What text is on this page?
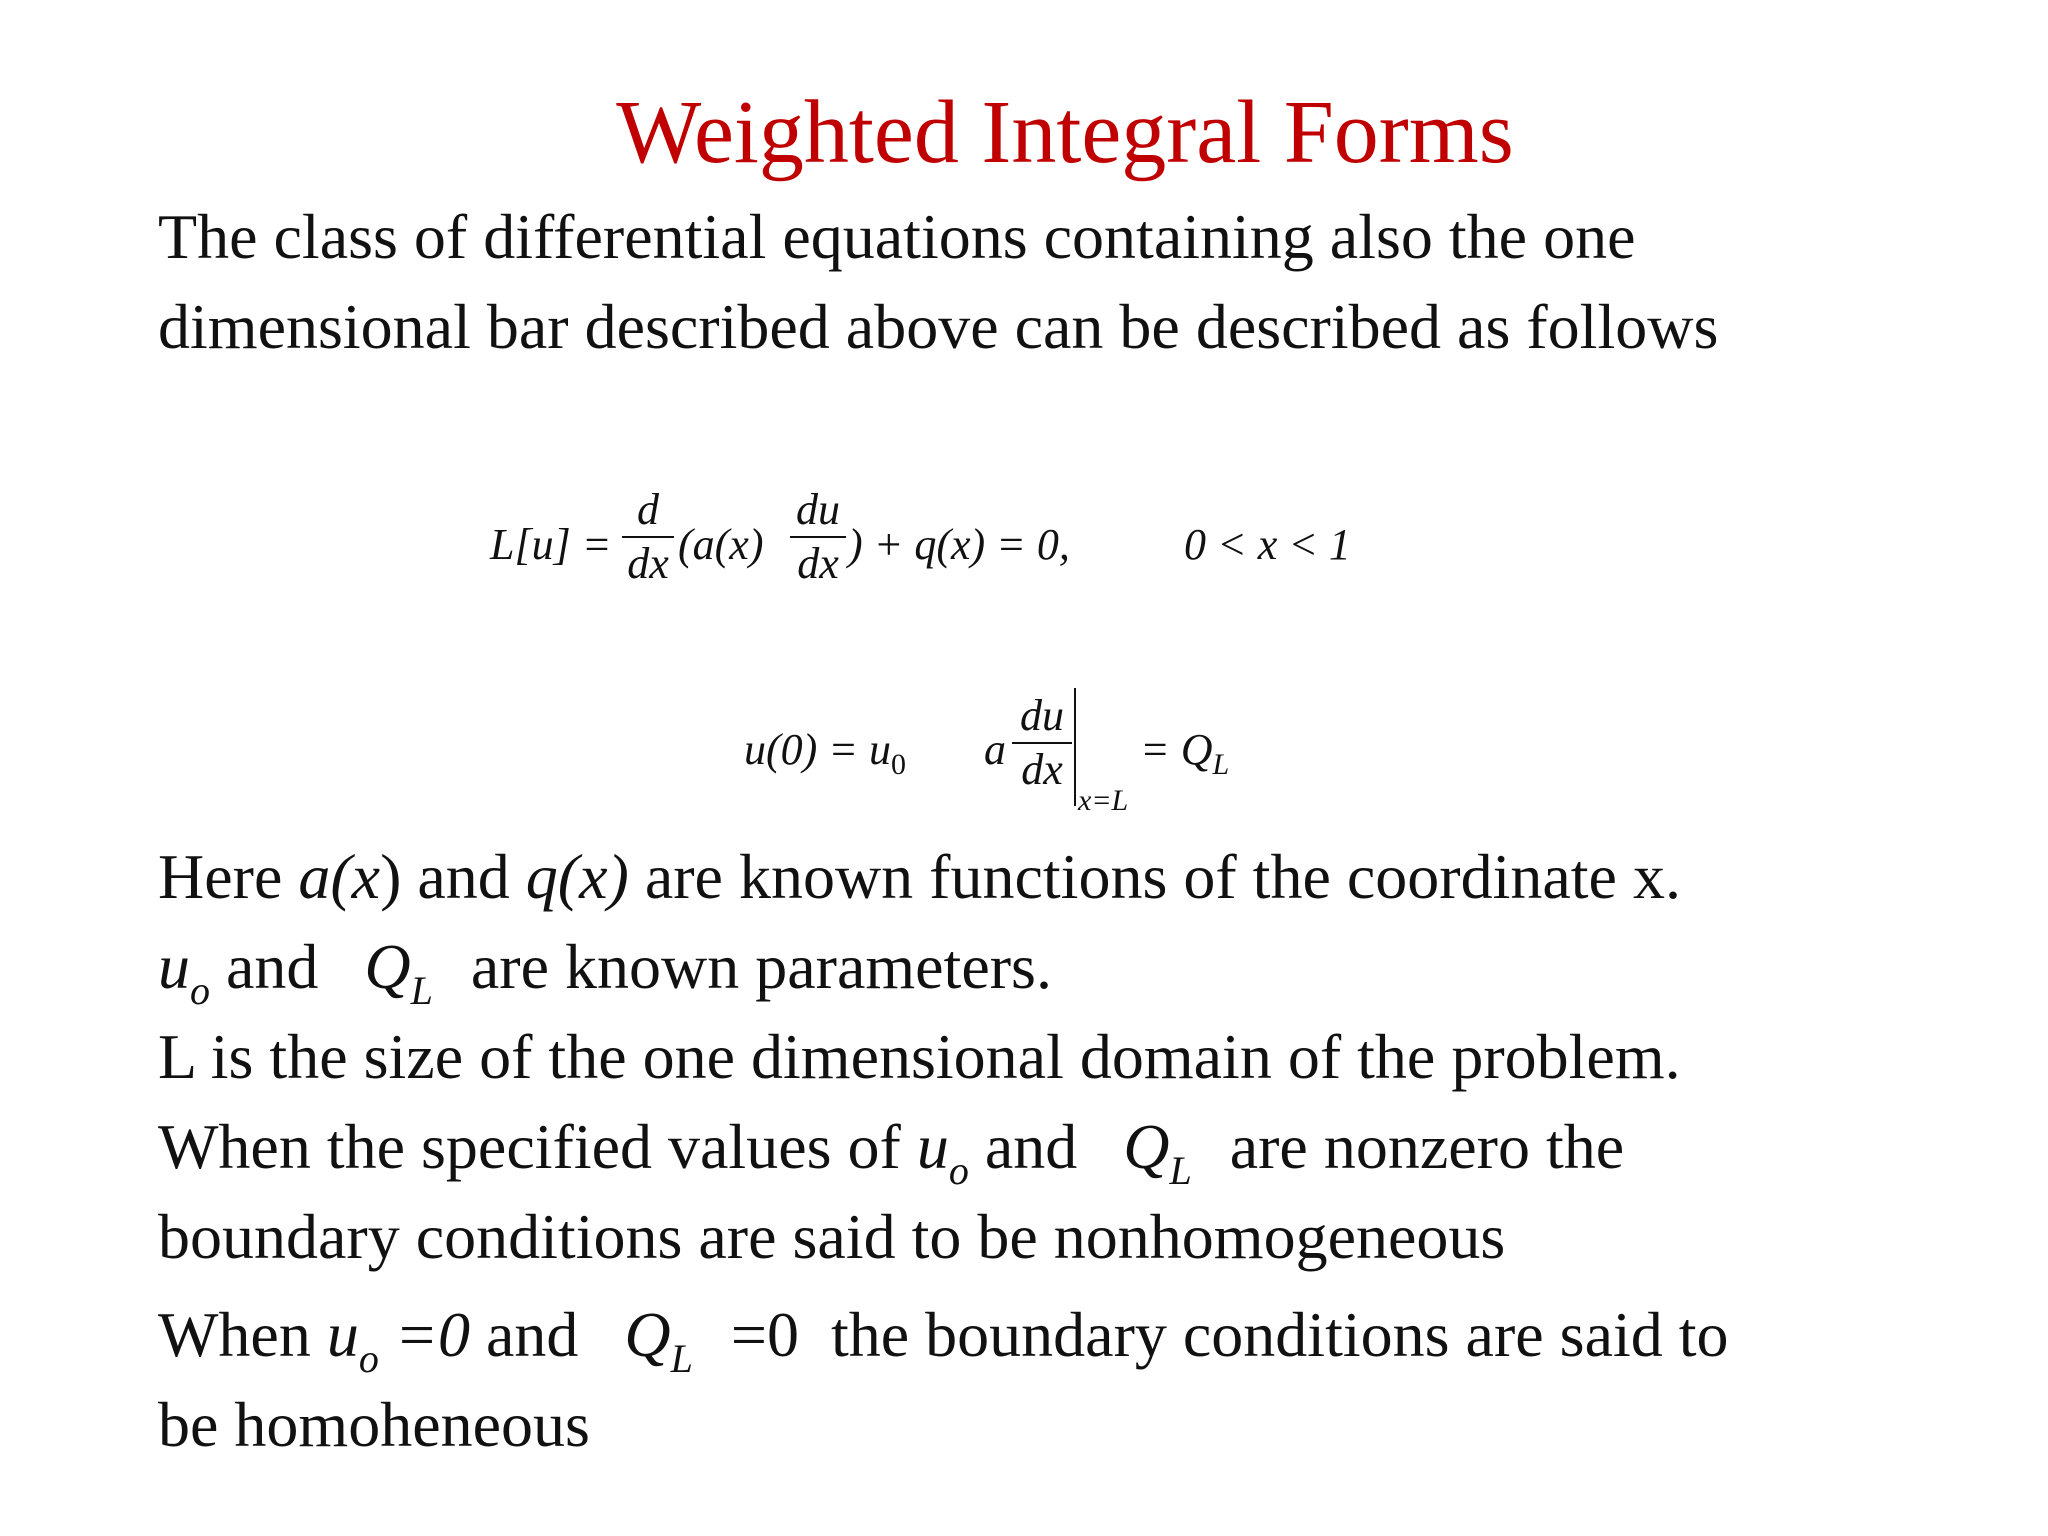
Weighted Integral Forms
The class of differential equations containing also the one
dimensional bar described above can be described as follows
L[u] =
d
dx (a(x)
du
dx ) + q(x) = 0,	0 < x < 1
$u(0) = u_0$ a
du
dx
x=L
= $Q_L$
Here a(x) and q(x) are known functions of the coordinate x.
$u_o$ and $Q_L$ are known parameters.
L is the size of the one dimensional domain of the problem.
When the specified values of $u_o$ and $Q_L$ are nonzero the
boundary conditions are said to be nonhomogeneous
When $u_o =0$ and $Q_L =0$ the boundary conditions are said to
be homoheneous
